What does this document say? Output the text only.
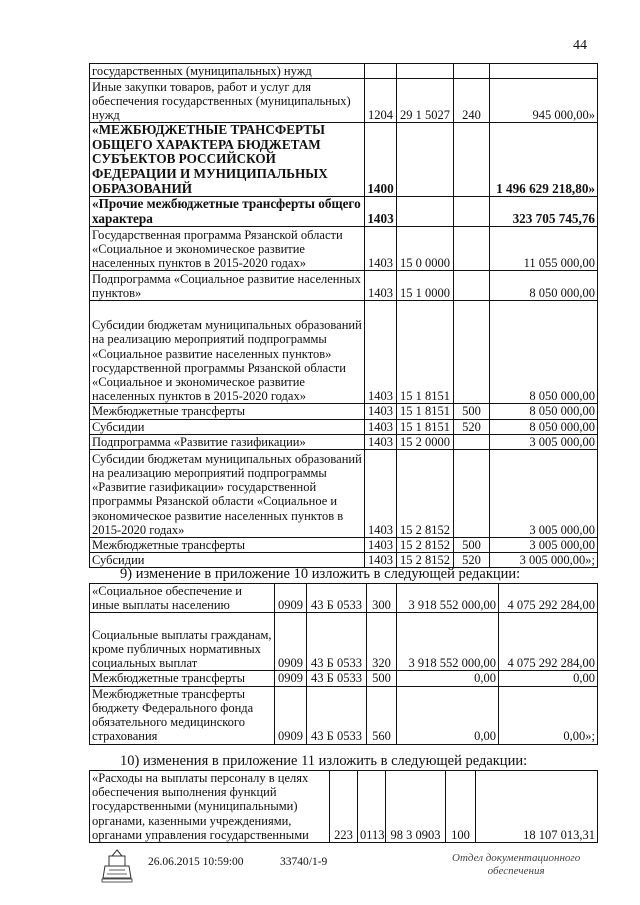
44
государственных (муниципальных) нужд				
Иные закупки товаров, работ и услуг для обеспечения государственных (муниципальных) нужд	1204	29 1 5027	240	945 000,00»
«МЕЖБЮДЖЕТНЫЕ ТРАНСФЕРТЫ ОБЩЕГО ХАРАКТЕРА БЮДЖЕТАМ СУБЪЕКТОВ РОССИЙСКОЙ ФЕДЕРАЦИИ И МУНИЦИПАЛЬНЫХ ОБРАЗОВАНИЙ	1400			1 496 629 218,80»
«Прочие межбюджетные трансферты общего характера	1403			323 705 745,76
Государственная программа Рязанской области «Социальное и экономическое развитие населенных пунктов в 2015-2020 годах»	1403	15 0 0000		11 055 000,00
Подпрограмма «Социальное развитие населенных пунктов»	1403	15 1 0000		8 050 000,00
Субсидии бюджетам муниципальных образований на реализацию мероприятий подпрограммы «Социальное развитие населенных пунктов» государственной программы Рязанской области «Социальное и экономическое развитие населенных пунктов в 2015-2020 годах»	1403	15 1 8151		8 050 000,00
Межбюджетные трансферты	1403	15 1 8151	500	8 050 000,00
Субсидии	1403	15 1 8151	520	8 050 000,00
Подпрограмма «Развитие газификации»	1403	15 2 0000		3 005 000,00
Субсидии бюджетам муниципальных образований на реализацию мероприятий подпрограммы «Развитие газификации» государственной программы Рязанской области «Социальное и экономическое развитие населенных пунктов в 2015-2020 годах»	1403	15 2 8152		3 005 000,00
Межбюджетные трансферты	1403	15 2 8152	500	3 005 000,00
Субсидии	1403	15 2 8152	520	3 005 000,00»;
9) изменение в приложение 10 изложить в следующей редакции:
«Социальное обеспечение и иные выплаты населению	0909	43 Б 0533	300	3 918 552 000,00	4 075 292 284,00
Социальные выплаты гражданам, кроме публичных нормативных социальных выплат	0909	43 Б 0533	320	3 918 552 000,00	4 075 292 284,00
Межбюджетные трансферты	0909	43 Б 0533	500	0,00	0,00
Межбюджетные трансферты бюджету Федерального фонда обязательного медицинского страхования	0909	43 Б 0533	560	0,00	0,00»;
10) изменения в приложение 11 изложить в следующей редакции:
«Расходы на выплаты персоналу в целях обеспечения выполнения функций государственными (муниципальными) органами, казенными учреждениями, органами управления государственными	223	0113	98 3 0903	100	18 107 013,31
26.06.2015 10:59:00	33740/1-9	Отдел документационного
обеспечения
